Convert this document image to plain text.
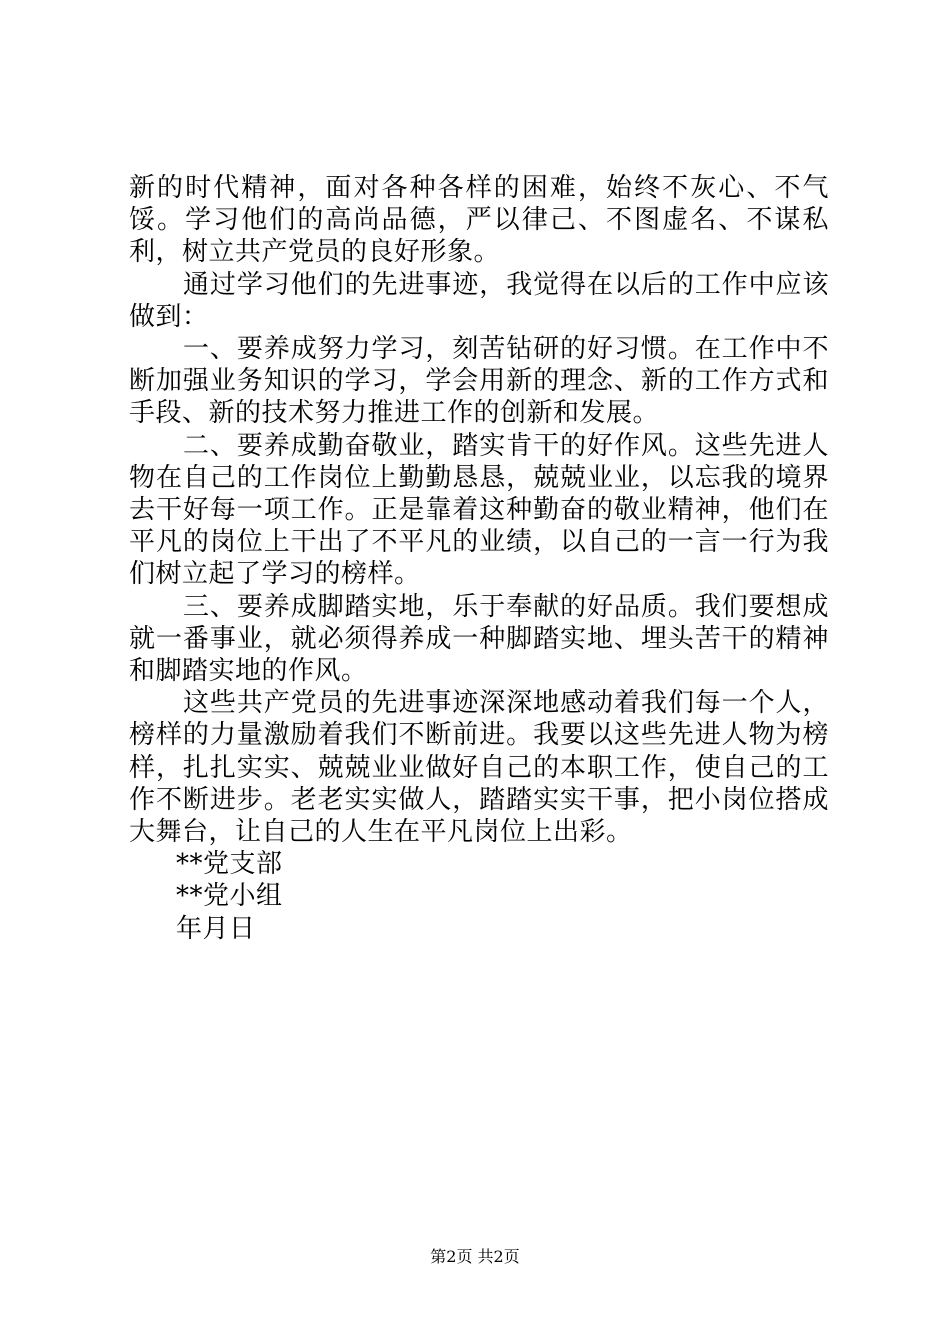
新的时代精神，面对各种各样的困难，始终不灰心、不气馁。学习他们的高尚品德，严以律己、不图虚名、不谋私利，树立共产党员的良好形象。

通过学习他们的先进事迹，我觉得在以后的工作中应该做到：

一、要养成努力学习，刻苦钻研的好习惯。在工作中不断加强业务知识的学习，学会用新的理念、新的工作方式和手段、新的技术努力推进工作的创新和发展。

二、要养成勤奋敬业，踏实肯干的好作风。这些先进人物在自己的工作岗位上勤勤恳恳，兢兢业业，以忘我的境界去干好每一项工作。正是靠着这种勤奋的敬业精神，他们在平凡的岗位上干出了不平凡的业绩，以自己的一言一行为我们树立起了学习的榜样。

三、要养成脚踏实地，乐于奉献的好品质。我们要想成就一番事业，就必须得养成一种脚踏实地、埋头苦干的精神和脚踏实地的作风。

这些共产党员的先进事迹深深地感动着我们每一个人，榜样的力量激励着我们不断前进。我要以这些先进人物为榜样，扎扎实实、兢兢业业做好自己的本职工作，使自己的工作不断进步。老老实实做人，踏踏实实干事，把小岗位搭成大舞台，让自己的人生在平凡岗位上出彩。

**党支部

**党小组

年月日

第2页 共2页
